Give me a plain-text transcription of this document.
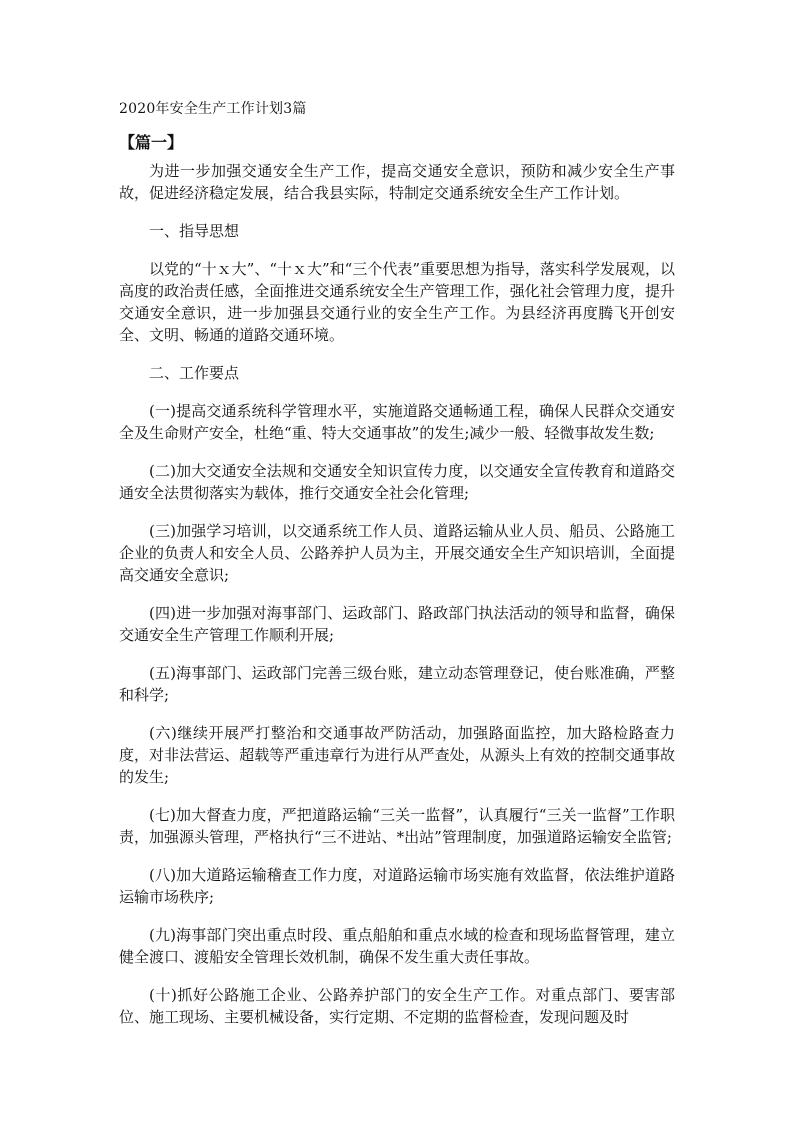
2020年安全生产工作计划3篇
【篇一】

为进一步加强交通安全生产工作，提高交通安全意识，预防和减少安全生产事故，促进经济稳定发展，结合我县实际，特制定交通系统安全生产工作计划。

一、指导思想

以党的“十ｘ大”、“十ｘ大”和“三个代表”重要思想为指导，落实科学发展观，以高度的政治责任感，全面推进交通系统安全生产管理工作，强化社会管理力度，提升交通安全意识，进一步加强县交通行业的安全生产工作。为县经济再度腾飞开创安全、文明、畅通的道路交通环境。

二、工作要点

(一)提高交通系统科学管理水平，实施道路交通畅通工程，确保人民群众交通安全及生命财产安全，杜绝“重、特大交通事故”的发生;减少一般、轻微事故发生数;

(二)加大交通安全法规和交通安全知识宣传力度，以交通安全宣传教育和道路交通安全法贯彻落实为载体，推行交通安全社会化管理;

(三)加强学习培训，以交通系统工作人员、道路运输从业人员、船员、公路施工企业的负责人和安全人员、公路养护人员为主，开展交通安全生产知识培训，全面提高交通安全意识;

(四)进一步加强对海事部门、运政部门、路政部门执法活动的领导和监督，确保交通安全生产管理工作顺利开展;

(五)海事部门、运政部门完善三级台账，建立动态管理登记，使台账准确，严整和科学;

(六)继续开展严打整治和交通事故严防活动，加强路面监控，加大路检路查力度，对非法营运、超载等严重违章行为进行从严查处，从源头上有效的控制交通事故的发生;

(七)加大督查力度，严把道路运输“三关一监督”，认真履行“三关一监督”工作职责，加强源头管理，严格执行“三不进站、*出站”管理制度，加强道路运输安全监管;

(八)加大道路运输稽查工作力度，对道路运输市场实施有效监督，依法维护道路运输市场秩序;

(九)海事部门突出重点时段、重点船舶和重点水域的检查和现场监督管理，建立健全渡口、渡船安全管理长效机制，确保不发生重大责任事故。

(十)抓好公路施工企业、公路养护部门的安全生产工作。对重点部门、要害部位、施工现场、主要机械设备，实行定期、不定期的监督检查，发现问题及时
